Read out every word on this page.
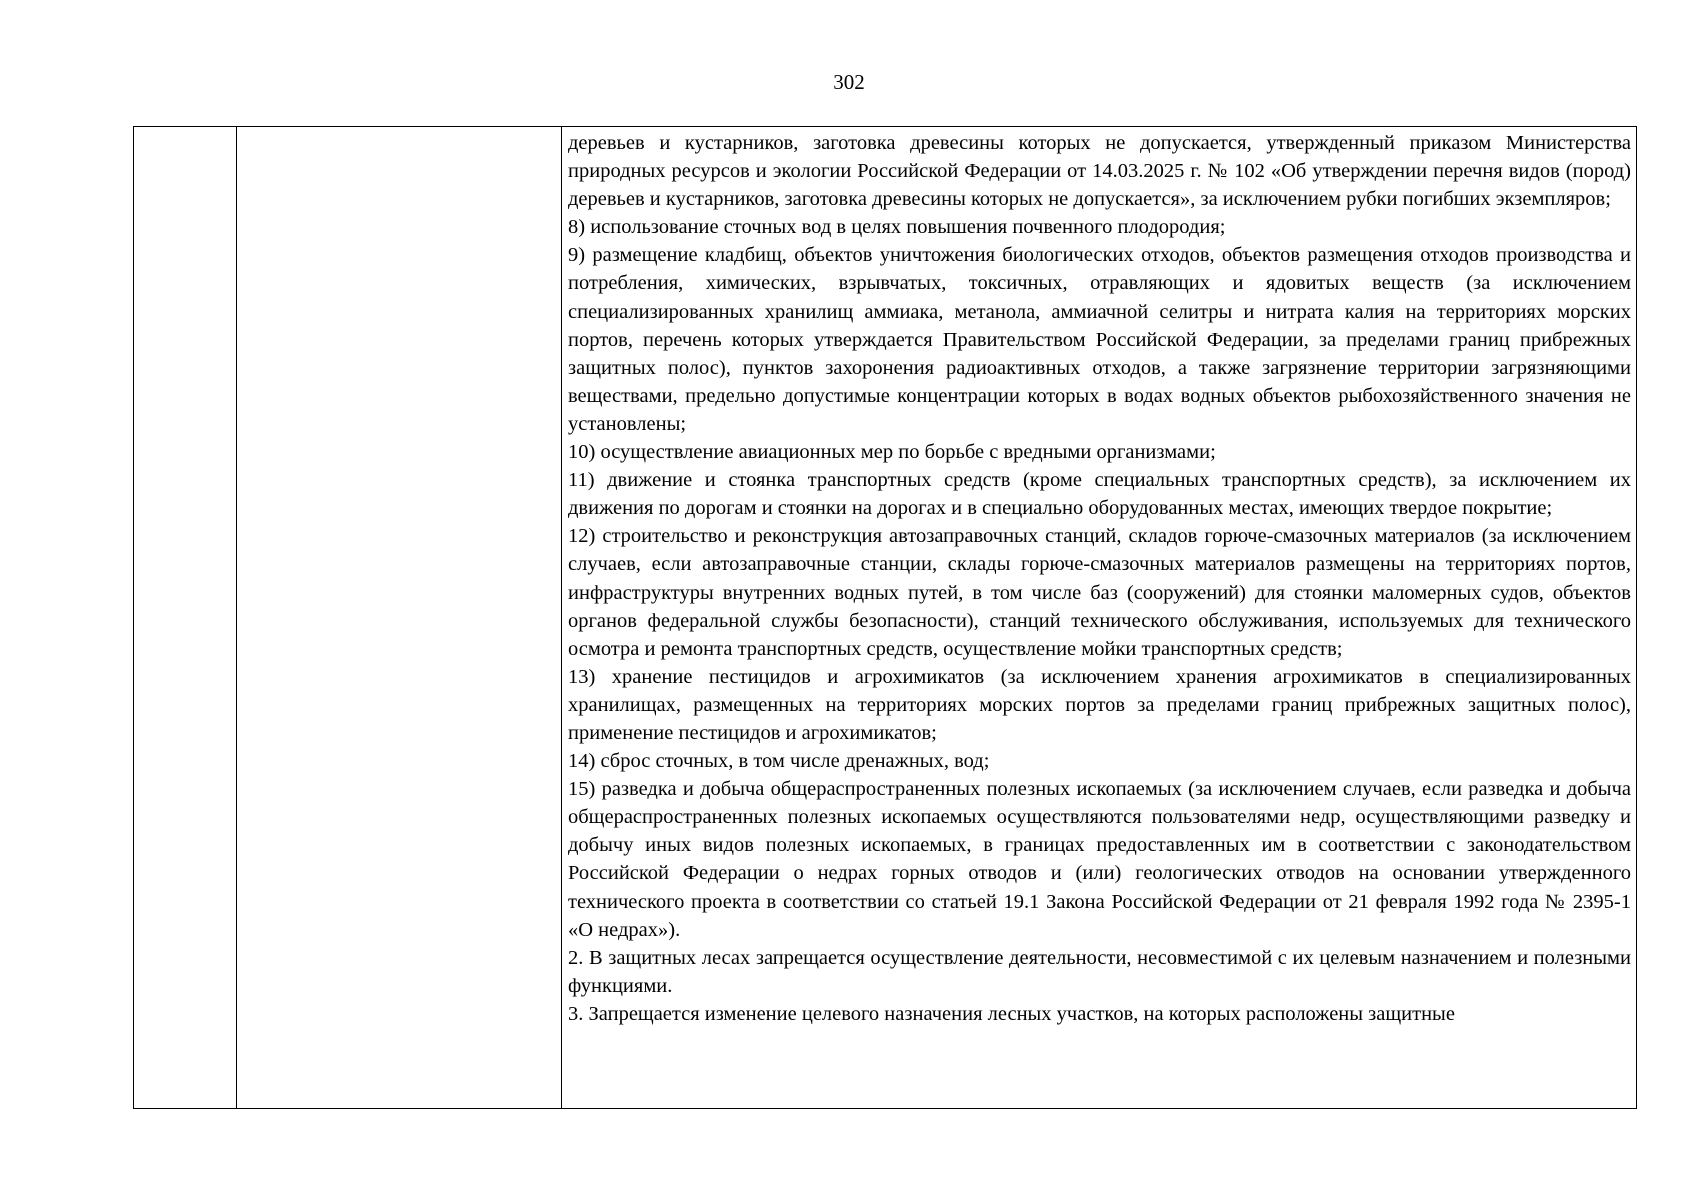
302

деревьев и кустарников, заготовка древесины которых не допускается, утвержденный приказом Министерства природных ресурсов и экологии Российской Федерации от 14.03.2025 г. № 102 «Об утверждении перечня видов (пород) деревьев и кустарников, заготовка древесины которых не допускается», за исключением рубки погибших экземпляров;

8) использование сточных вод в целях повышения почвенного плодородия;

9) размещение кладбищ, объектов уничтожения биологических отходов, объектов размещения отходов производства и потребления, химических, взрывчатых, токсичных, отравляющих и ядовитых веществ (за исключением специализированных хранилищ аммиака, метанола, аммиачной селитры и нитрата калия на территориях морских портов, перечень которых утверждается Правительством Российской Федерации, за пределами границ прибрежных защитных полос), пунктов захоронения радиоактивных отходов, а также загрязнение территории загрязняющими веществами, предельно допустимые концентрации которых в водах водных объектов рыбохозяйственного значения не установлены;

10) осуществление авиационных мер по борьбе с вредными организмами;

11) движение и стоянка транспортных средств (кроме специальных транспортных средств), за исключением их движения по дорогам и стоянки на дорогах и в специально оборудованных местах, имеющих твердое покрытие;

12) строительство и реконструкция автозаправочных станций, складов горюче-смазочных материалов (за исключением случаев, если автозаправочные станции, склады горюче-смазочных материалов размещены на территориях портов, инфраструктуры внутренних водных путей, в том числе баз (сооружений) для стоянки маломерных судов, объектов органов федеральной службы безопасности), станций технического обслуживания, используемых для технического осмотра и ремонта транспортных средств, осуществление мойки транспортных средств;

13) хранение пестицидов и агрохимикатов (за исключением хранения агрохимикатов в специализированных хранилищах, размещенных на территориях морских портов за пределами границ прибрежных защитных полос), применение пестицидов и агрохимикатов;

14) сброс сточных, в том числе дренажных, вод;

15) разведка и добыча общераспространенных полезных ископаемых (за исключением случаев, если разведка и добыча общераспространенных полезных ископаемых осуществляются пользователями недр, осуществляющими разведку и добычу иных видов полезных ископаемых, в границах предоставленных им в соответствии с законодательством Российской Федерации о недрах горных отводов и (или) геологических отводов на основании утвержденного технического проекта в соответствии со статьей 19.1 Закона Российской Федерации от 21 февраля 1992 года № 2395-1 «О недрах»).

2. В защитных лесах запрещается осуществление деятельности, несовместимой с их целевым назначением и полезными функциями.

3. Запрещается изменение целевого назначения лесных участков, на которых расположены защитные
